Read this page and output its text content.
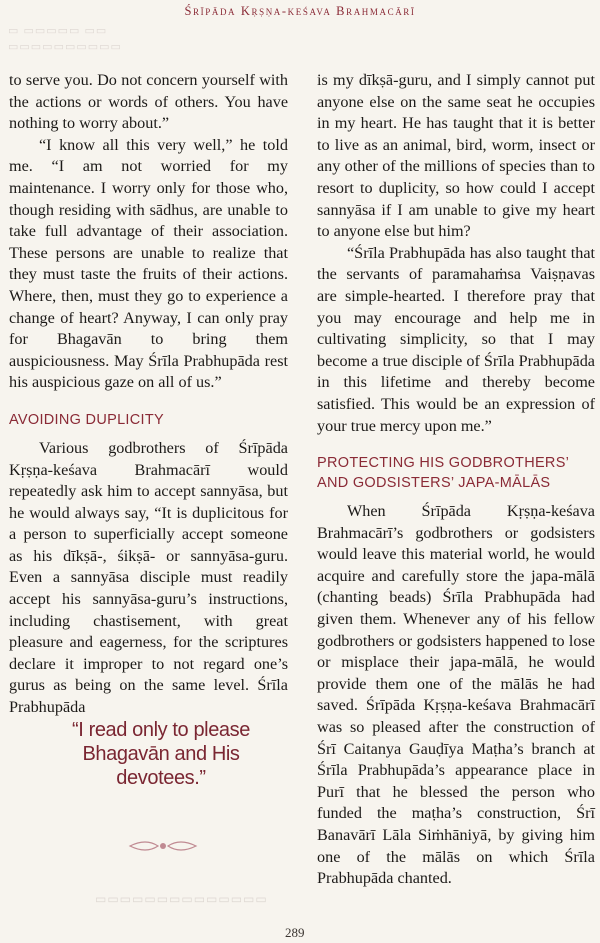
Śrīpāda Kṛṣṇa-keśava Brahmacārī
▭ ▭▭▭▭▭ ▭▭
▭▭▭▭▭▭▭▭▭▭

to serve you. Do not concern yourself with the actions or words of others. You have nothing to worry about.”

“I know all this very well,” he told me. “I am not worried for my maintenance. I worry only for those who, though residing with sādhus, are unable to take full advantage of their association. These persons are unable to realize that they must taste the fruits of their actions. Where, then, must they go to experience a change of heart? Anyway, I can only pray for Bhagavān to bring them auspiciousness. May Śrīla Prabhupāda rest his auspicious gaze on all of us.”

AVOIDING DUPLICITY

Various godbrothers of Śrīpāda Kṛṣṇa-keśava Brahmacārī would repeatedly ask him to accept sannyāsa, but he would always say, “It is duplicitous for a person to superficially accept someone as his dīkṣā-, śikṣā- or sannyāsa-guru. Even a sannyāsa disciple must readily accept his sannyāsa-guru’s instructions, including chastisement, with great pleasure and eagerness, for the scriptures declare it improper to not regard one’s gurus as being on the same level. Śrīla Prabhupāda

“I read only to please Bhagavān and His devotees.”

is my dīkṣā-guru, and I simply cannot put anyone else on the same seat he occupies in my heart. He has taught that it is better to live as an animal, bird, worm, insect or any other of the millions of species than to resort to duplicity, so how could I accept sannyāsa if I am unable to give my heart to anyone else but him?

“Śrīla Prabhupāda has also taught that the servants of paramahaṁsa Vaiṣṇavas are simple-hearted. I therefore pray that you may encourage and help me in cultivating simplicity, so that I may become a true disciple of Śrīla Prabhupāda in this lifetime and thereby become satisfied. This would be an expression of your true mercy upon me.”

PROTECTING HIS GODBROTHERS’ AND GODSISTERS’ JAPA-MĀLĀS

When Śrīpāda Kṛṣṇa-keśava Brahmacārī’s godbrothers or godsisters would leave this material world, he would acquire and carefully store the japa-mālā (chanting beads) Śrīla Prabhupāda had given them. Whenever any of his fellow godbrothers or godsisters happened to lose or misplace their japa-mālā, he would provide them one of the mālās he had saved. Śrīpāda Kṛṣṇa-keśava Brahmacārī was so pleased after the construction of Śrī Caitanya Gauḍīya Maṭha’s branch at Śrīla Prabhupāda’s appearance place in Purī that he blessed the person who funded the maṭha’s construction, Śrī Banavārī Lāla Siṁhāniyā, by giving him one of the mālās on which Śrīla Prabhupāda chanted.

▭▭▭▭▭▭▭▭▭▭▭▭▭▭
289
